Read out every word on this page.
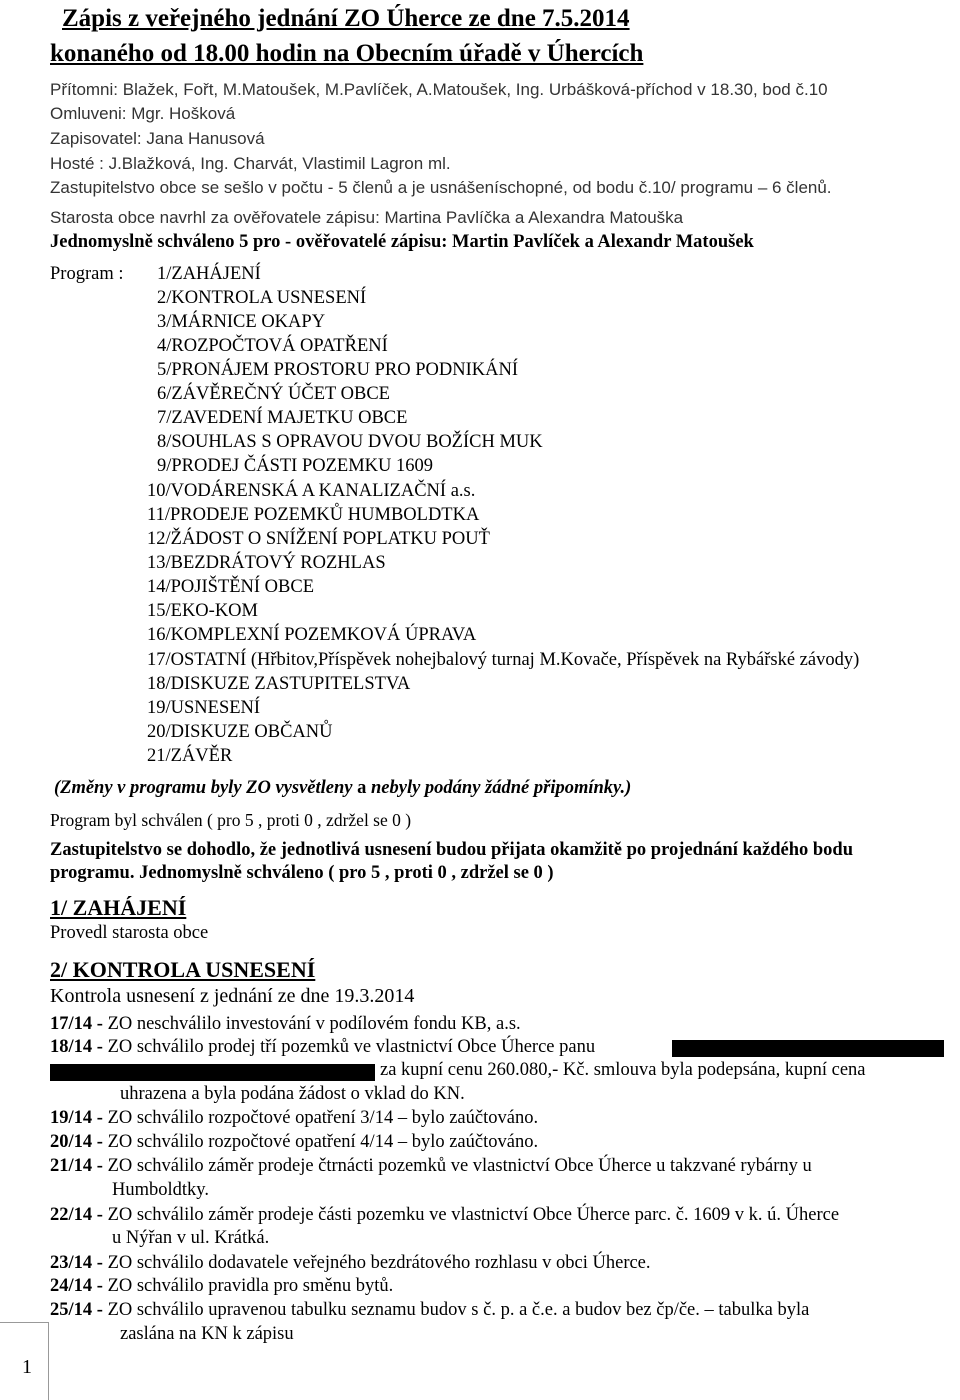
Zápis z veřejného jednání ZO Úherce ze dne 7.5.2014
konaného od 18.00 hodin na Obecním úřadě v Úhercích
Přítomni: Blažek, Fořt, M.Matoušek, M.Pavlíček, A.Matoušek, Ing. Urbášková-příchod v 18.30, bod č.10
Omluveni: Mgr. Hošková
Zapisovatel: Jana Hanusová
Hosté : J.Blažková, Ing. Charvát, Vlastimil Lagron ml.
Zastupitelstvo obce se sešlo v počtu - 5 členů a je usnášeníschopné, od bodu č.10/ programu – 6 členů.
Starosta obce navrhl za ověřovatele zápisu: Martina Pavlíčka a Alexandra Matouška
Jednomyslně schváleno 5 pro - ověřovatelé zápisu: Martin Pavlíček a Alexandr Matoušek
Program : 1/ZAHÁJENÍ
2/KONTROLA USNESENÍ
3/MÁRNICE OKAPY
4/ROZPOČTOVÁ OPATŘENÍ
5/PRONÁJEM PROSTORU PRO PODNIKÁNÍ
6/ZÁVĚREČNÝ ÚČET OBCE
7/ZAVEDENÍ MAJETKU OBCE
8/SOUHLAS S OPRAVOU DVOU BOŽÍCH MUK
9/PRODEJ ČÁSTI POZEMKU 1609
10/VODÁRENSKÁ A KANALIZAČNÍ a.s.
11/PRODEJE POZEMKŮ HUMBOLDTKA
12/ŽÁDOST O SNÍŽENÍ POPLATKU POUŤ
13/BEZDRÁTOVÝ ROZHLAS
14/POJIŠTĚNÍ OBCE
15/EKO-KOM
16/KOMPLEXNÍ POZEMKOVÁ ÚPRAVA
17/OSTATNÍ (Hřbitov,Příspěvek nohejbalový turnaj M.Kovače, Příspěvek na Rybářské závody)
18/DISKUZE ZASTUPITELSTVA
19/USNESENÍ
20/DISKUZE OBČANŮ
21/ZÁVĚR
(Změny v programu byly ZO vysvětleny a nebyly podány žádné připomínky.)
Program byl schválen ( pro 5 , proti 0 , zdržel se 0 )
Zastupitelstvo se dohodlo, že jednotlivá usnesení budou přijata okamžitě po projednání každého bodu
programu. Jednomyslně schváleno ( pro 5 , proti 0 , zdržel se 0 )
1/ ZAHÁJENÍ
Provedl starosta obce
2/ KONTROLA USNESENÍ
Kontrola usnesení z jednání ze dne 19.3.2014
17/14 - ZO neschválilo investování v podílovém fondu KB, a.s.
18/14 - ZO schválilo prodej tří pozemků ve vlastnictví Obce Úherce panu
za kupní cenu 260.080,- Kč. smlouva byla podepsána, kupní cena
uhrazena a byla podána žádost o vklad do KN.
19/14 - ZO schválilo rozpočtové opatření 3/14 – bylo zaúčtováno.
20/14 - ZO schválilo rozpočtové opatření 4/14 – bylo zaúčtováno.
21/14 - ZO schválilo záměr prodeje čtrnácti pozemků ve vlastnictví Obce Úherce u takzvané rybárny u
Humboldtky.
22/14 - ZO schválilo záměr prodeje části pozemku ve vlastnictví Obce Úherce parc. č. 1609 v k. ú. Úherce
u Nýřan v ul. Krátká.
23/14 - ZO schválilo dodavatele veřejného bezdrátového rozhlasu v obci Úherce.
24/14 - ZO schválilo pravidla pro směnu bytů.
25/14 - ZO schválilo upravenou tabulku seznamu budov s č. p. a č.e. a budov bez čp/če. – tabulka byla
zaslána na KN k zápisu
1
